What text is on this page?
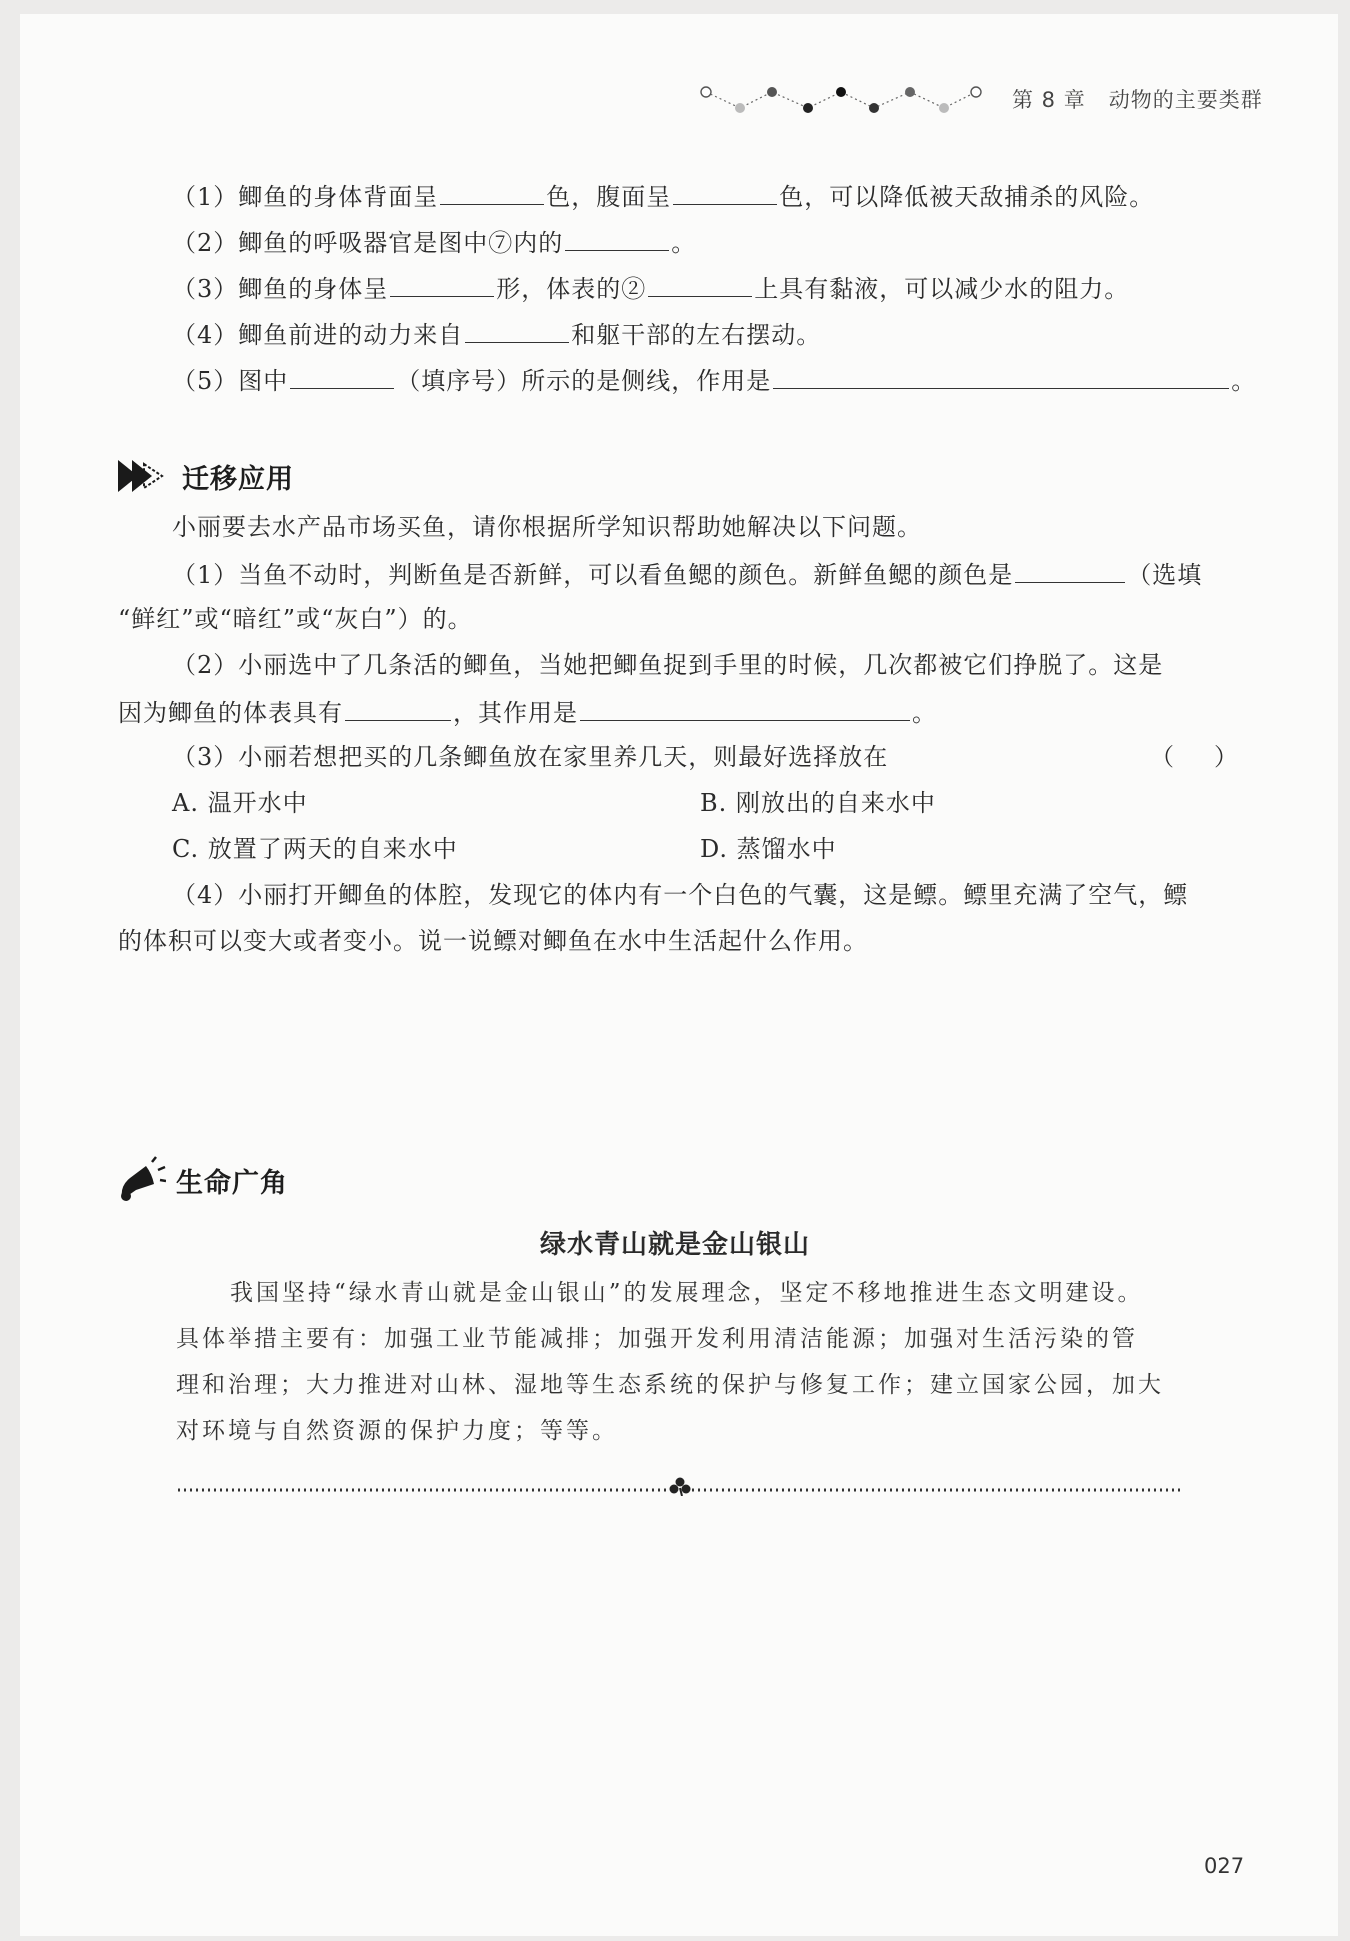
第 8 章 动物的主要类群
（1）鲫鱼的身体背面呈	色，腹面呈	色，可以降低被天敌捕杀的风险。
（2）鲫鱼的呼吸器官是图中⑦内的	。
（3）鲫鱼的身体呈	形，体表的②	上具有黏液，可以减少水的阻力。
（4）鲫鱼前进的动力来自	和躯干部的左右摆动。
（5）图中	（填序号）所示的是侧线，作用是	。
迁移应用
小丽要去水产品市场买鱼，请你根据所学知识帮助她解决以下问题。
（1）当鱼不动时，判断鱼是否新鲜，可以看鱼鳃的颜色。新鲜鱼鳃的颜色是	（选填
“鲜红”或“暗红”或“灰白”）的。
（2）小丽选中了几条活的鲫鱼，当她把鲫鱼捉到手里的时候，几次都被它们挣脱了。这是
因为鲫鱼的体表具有	，其作用是	。
（3）小丽若想把买的几条鲫鱼放在家里养几天，则最好选择放在	（）
A. 温开水中	B. 刚放出的自来水中
C. 放置了两天的自来水中	D. 蒸馏水中
（4）小丽打开鲫鱼的体腔，发现它的体内有一个白色的气囊，这是鳔。鳔里充满了空气，鳔
的体积可以变大或者变小。说一说鳔对鲫鱼在水中生活起什么作用。
生命广角
绿水青山就是金山银山
我国坚持“绿水青山就是金山银山”的发展理念，坚定不移地推进生态文明建设。
具体举措主要有：加强工业节能减排；加强开发利用清洁能源；加强对生活污染的管
理和治理；大力推进对山林、湿地等生态系统的保护与修复工作；建立国家公园，加大
对环境与自然资源的保护力度；等等。
027
